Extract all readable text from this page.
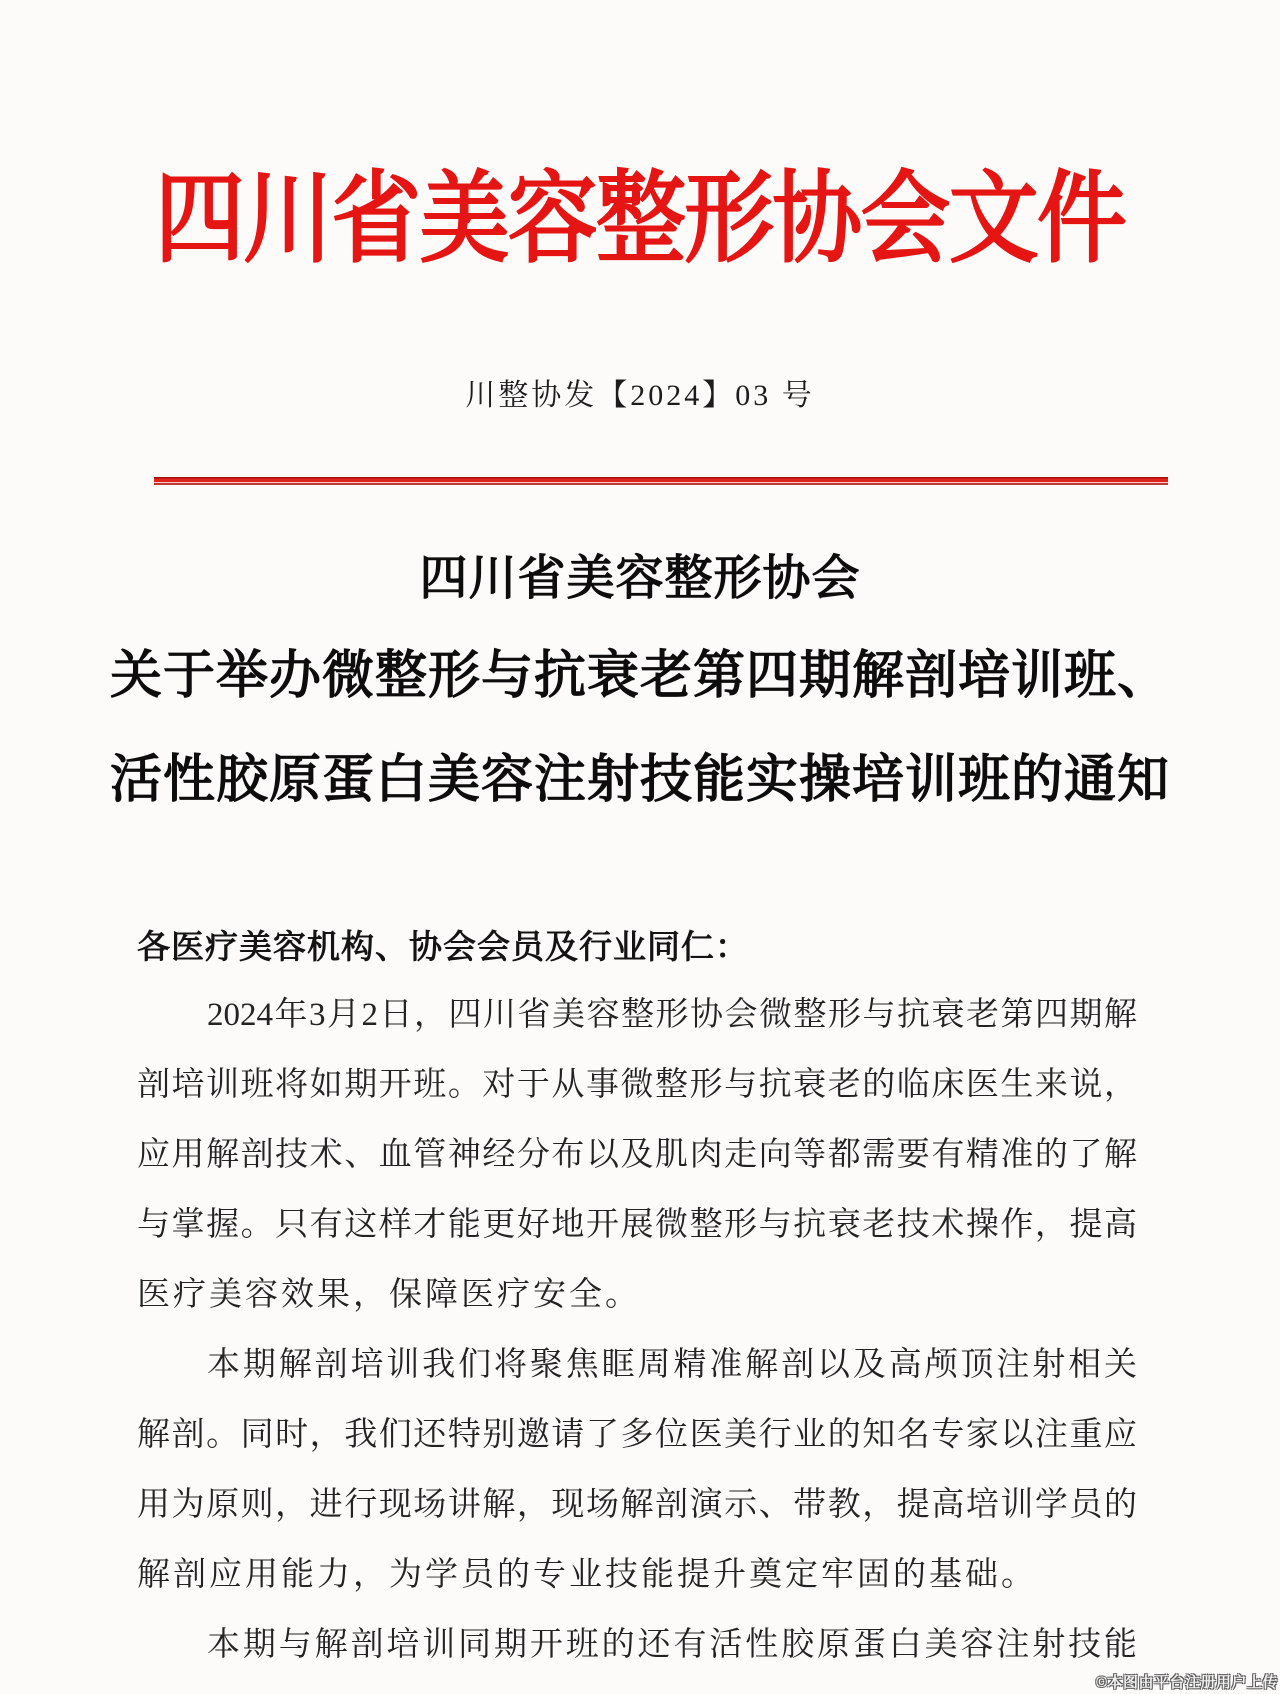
四川省美容整形协会文件
川整协发【2024】03 号
四川省美容整形协会
关于举办微整形与抗衰老第四期解剖培训班、
活性胶原蛋白美容注射技能实操培训班的通知
各医疗美容机构、协会会员及行业同仁：
2024年3月2日，四川省美容整形协会微整形与抗衰老第四期解
剖培训班将如期开班。对于从事微整形与抗衰老的临床医生来说，
应用解剖技术、血管神经分布以及肌肉走向等都需要有精准的了解
与掌握。只有这样才能更好地开展微整形与抗衰老技术操作，提高
医疗美容效果，保障医疗安全。
本期解剖培训我们将聚焦眶周精准解剖以及高颅顶注射相关
解剖。同时，我们还特别邀请了多位医美行业的知名专家以注重应
用为原则，进行现场讲解，现场解剖演示、带教，提高培训学员的
解剖应用能力，为学员的专业技能提升奠定牢固的基础。
本期与解剖培训同期开班的还有活性胶原蛋白美容注射技能
©本图由平台注册用户上传
